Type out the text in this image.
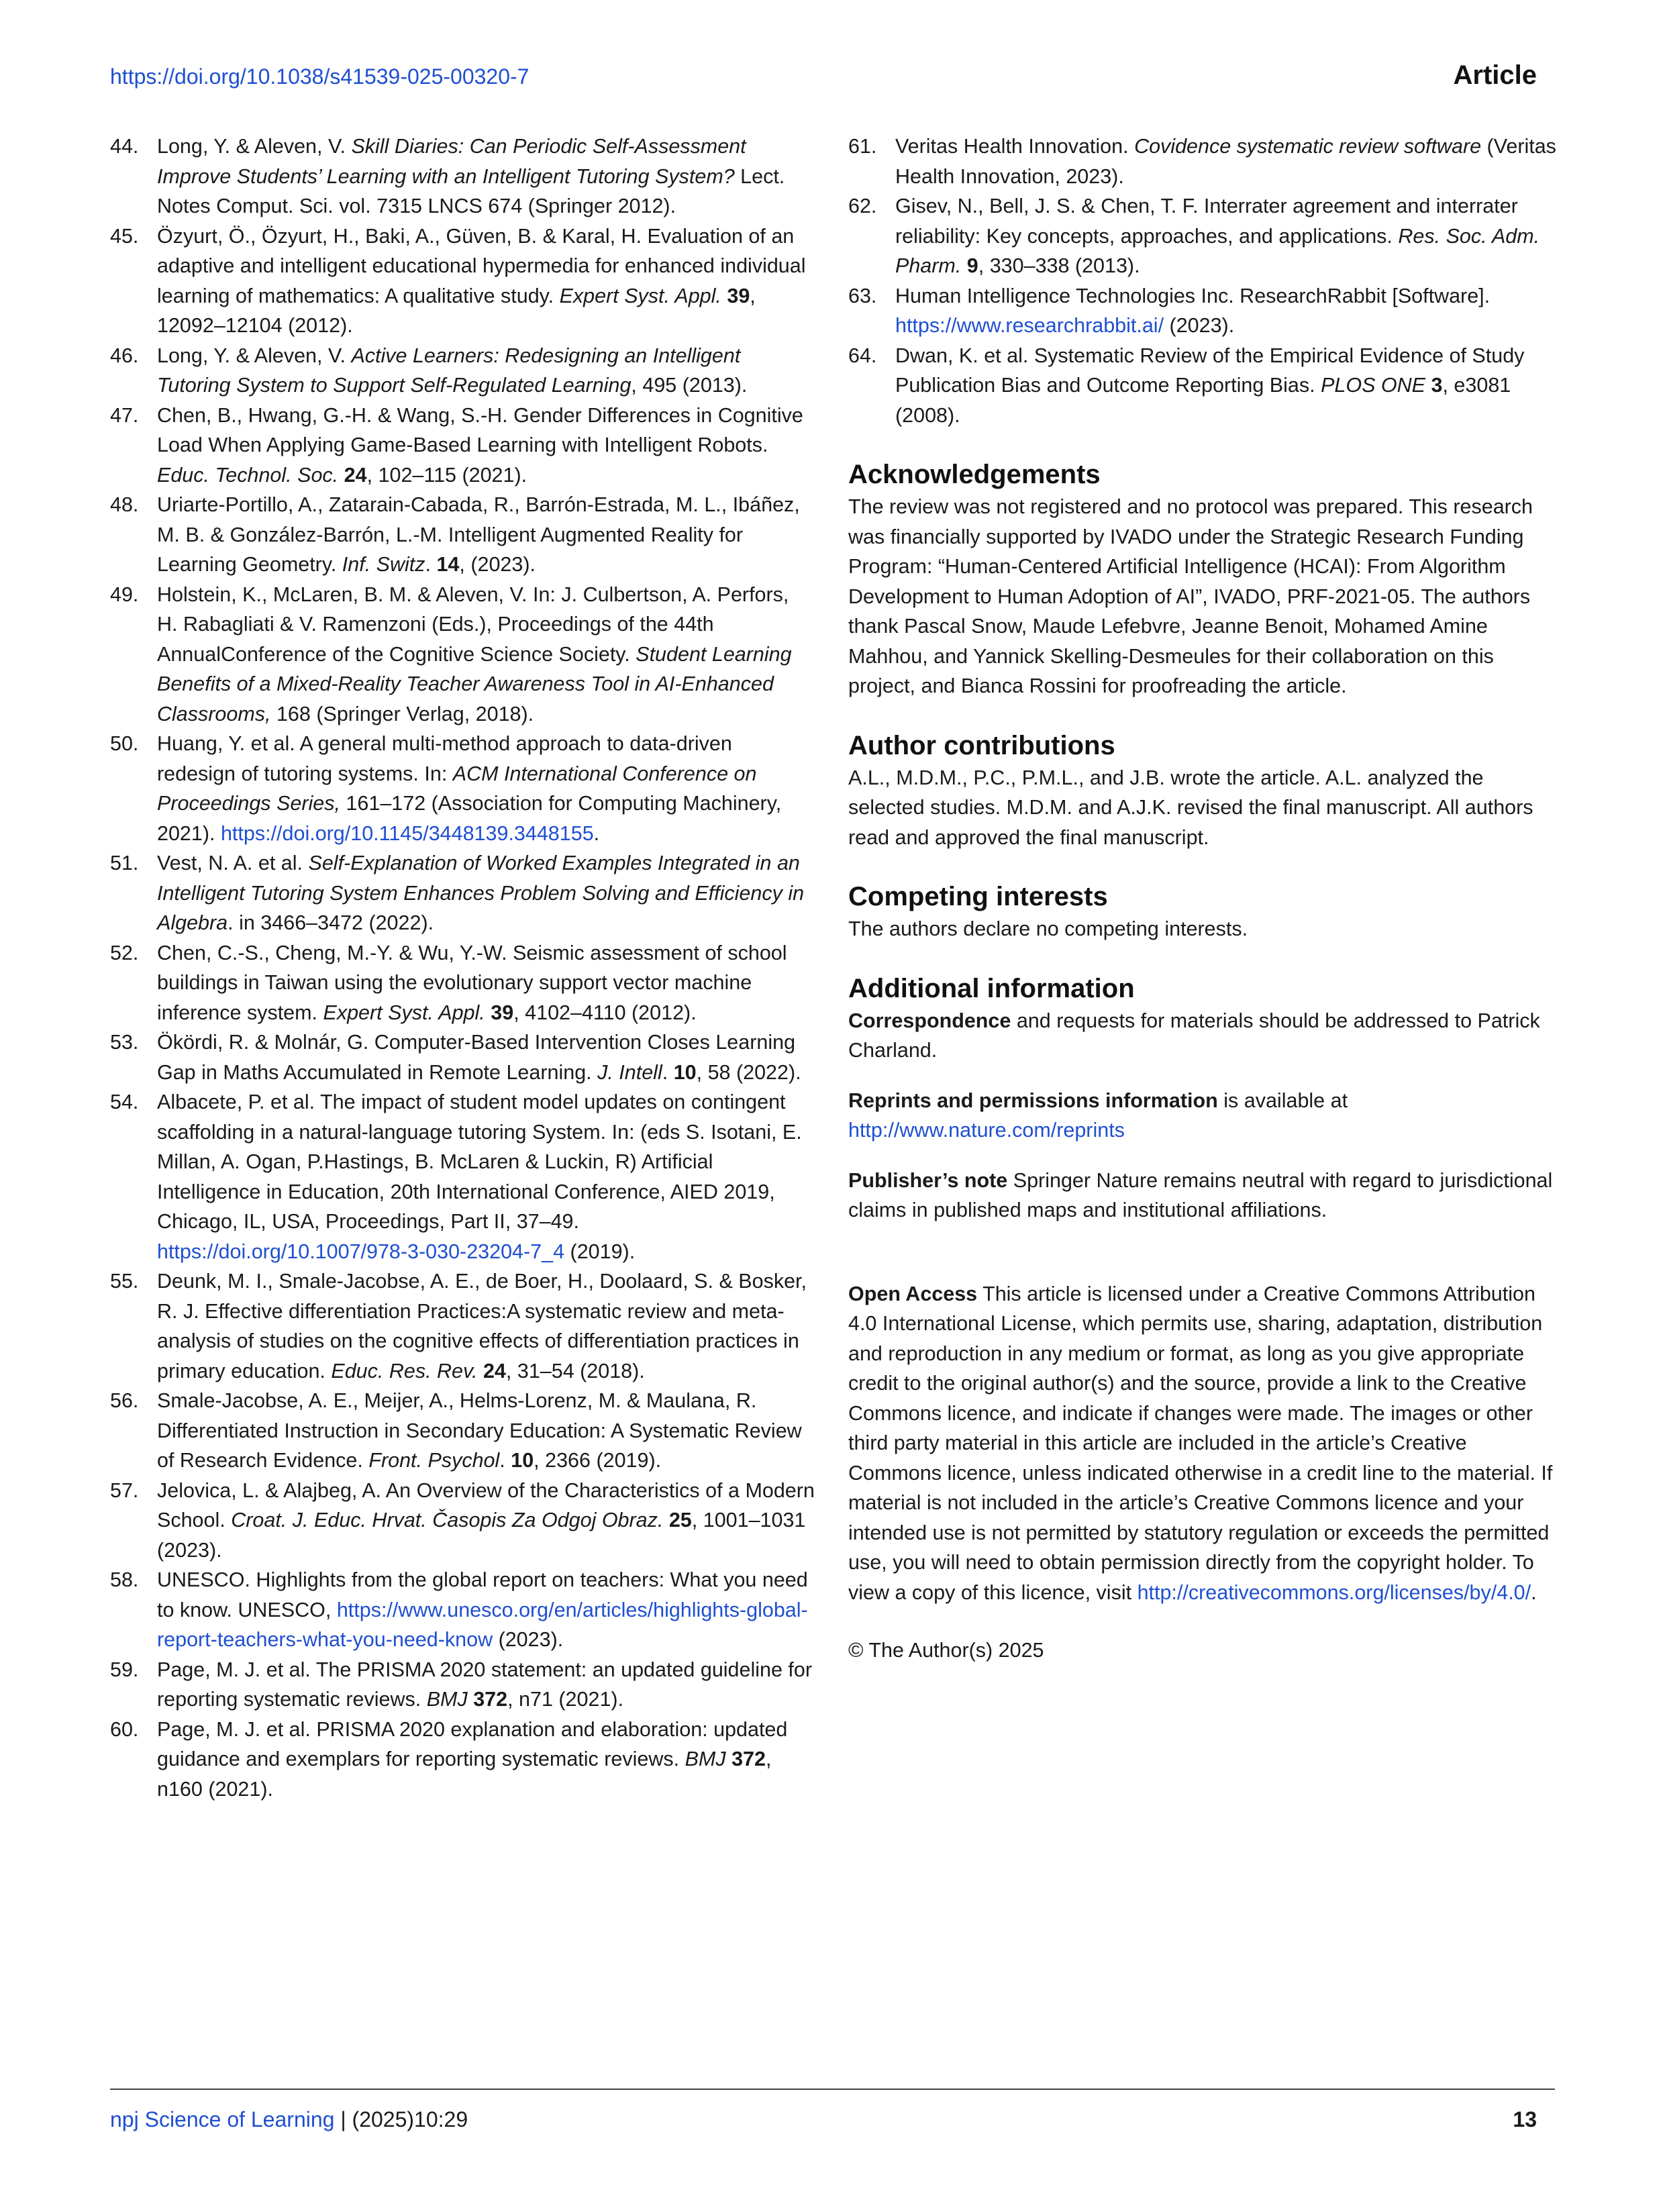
https://doi.org/10.1038/s41539-025-00320-7	Article
44. Long, Y. & Aleven, V. Skill Diaries: Can Periodic Self-Assessment Improve Students’ Learning with an Intelligent Tutoring System? Lect. Notes Comput. Sci. vol. 7315 LNCS 674 (Springer 2012).
45. Özyurt, Ö., Özyurt, H., Baki, A., Güven, B. & Karal, H. Evaluation of an adaptive and intelligent educational hypermedia for enhanced individual learning of mathematics: A qualitative study. Expert Syst. Appl. 39, 12092–12104 (2012).
46. Long, Y. & Aleven, V. Active Learners: Redesigning an Intelligent Tutoring System to Support Self-Regulated Learning, 495 (2013).
47. Chen, B., Hwang, G.-H. & Wang, S.-H. Gender Differences in Cognitive Load When Applying Game-Based Learning with Intelligent Robots. Educ. Technol. Soc. 24, 102–115 (2021).
48. Uriarte-Portillo, A., Zatarain-Cabada, R., Barrón-Estrada, M. L., Ibáñez, M. B. & González-Barrón, L.-M. Intelligent Augmented Reality for Learning Geometry. Inf. Switz. 14, (2023).
49. Holstein, K., McLaren, B. M. & Aleven, V. In: J. Culbertson, A. Perfors, H. Rabagliati & V. Ramenzoni (Eds.), Proceedings of the 44th AnnualConference of the Cognitive Science Society. Student Learning Benefits of a Mixed-Reality Teacher Awareness Tool in AI-Enhanced Classrooms, 168 (Springer Verlag, 2018).
50. Huang, Y. et al. A general multi-method approach to data-driven redesign of tutoring systems. In: ACM International Conference on Proceedings Series, 161–172 (Association for Computing Machinery, 2021). https://doi.org/10.1145/3448139.3448155.
51. Vest, N. A. et al. Self-Explanation of Worked Examples Integrated in an Intelligent Tutoring System Enhances Problem Solving and Efficiency in Algebra. in 3466–3472 (2022).
52. Chen, C.-S., Cheng, M.-Y. & Wu, Y.-W. Seismic assessment of school buildings in Taiwan using the evolutionary support vector machine inference system. Expert Syst. Appl. 39, 4102–4110 (2012).
53. Ökördi, R. & Molnár, G. Computer-Based Intervention Closes Learning Gap in Maths Accumulated in Remote Learning. J. Intell. 10, 58 (2022).
54. Albacete, P. et al. The impact of student model updates on contingent scaffolding in a natural-language tutoring System. In: (eds S. Isotani, E. Millan, A. Ogan, P.Hastings, B. McLaren & Luckin, R) Artificial Intelligence in Education, 20th International Conference, AIED 2019, Chicago, IL, USA, Proceedings, Part II, 37–49. https://doi.org/10.1007/978-3-030-23204-7_4 (2019).
55. Deunk, M. I., Smale-Jacobse, A. E., de Boer, H., Doolaard, S. & Bosker, R. J. Effective differentiation Practices:A systematic review and meta-analysis of studies on the cognitive effects of differentiation practices in primary education. Educ. Res. Rev. 24, 31–54 (2018).
56. Smale-Jacobse, A. E., Meijer, A., Helms-Lorenz, M. & Maulana, R. Differentiated Instruction in Secondary Education: A Systematic Review of Research Evidence. Front. Psychol. 10, 2366 (2019).
57. Jelovica, L. & Alajbeg, A. An Overview of the Characteristics of a Modern School. Croat. J. Educ. Hrvat. Časopis Za Odgoj Obraz. 25, 1001–1031 (2023).
58. UNESCO. Highlights from the global report on teachers: What you need to know. UNESCO, https://www.unesco.org/en/articles/highlights-global-report-teachers-what-you-need-know (2023).
59. Page, M. J. et al. The PRISMA 2020 statement: an updated guideline for reporting systematic reviews. BMJ 372, n71 (2021).
60. Page, M. J. et al. PRISMA 2020 explanation and elaboration: updated guidance and exemplars for reporting systematic reviews. BMJ 372, n160 (2021).
61. Veritas Health Innovation. Covidence systematic review software (Veritas Health Innovation, 2023).
62. Gisev, N., Bell, J. S. & Chen, T. F. Interrater agreement and interrater reliability: Key concepts, approaches, and applications. Res. Soc. Adm. Pharm. 9, 330–338 (2013).
63. Human Intelligence Technologies Inc. ResearchRabbit [Software]. https://www.researchrabbit.ai/ (2023).
64. Dwan, K. et al. Systematic Review of the Empirical Evidence of Study Publication Bias and Outcome Reporting Bias. PLOS ONE 3, e3081 (2008).
Acknowledgements

The review was not registered and no protocol was prepared. This research was financially supported by IVADO under the Strategic Research Funding Program: “Human-Centered Artificial Intelligence (HCAI): From Algorithm Development to Human Adoption of AI”, IVADO, PRF-2021-05. The authors thank Pascal Snow, Maude Lefebvre, Jeanne Benoit, Mohamed Amine Mahhou, and Yannick Skelling-Desmeules for their collaboration on this project, and Bianca Rossini for proofreading the article.

Author contributions

A.L., M.D.M., P.C., P.M.L., and J.B. wrote the article. A.L. analyzed the selected studies. M.D.M. and A.J.K. revised the final manuscript. All authors read and approved the final manuscript.

Competing interests

The authors declare no competing interests.

Additional information

Correspondence and requests for materials should be addressed to Patrick Charland.

Reprints and permissions information is available at
http://www.nature.com/reprints
Publisher’s note Springer Nature remains neutral with regard to jurisdictional claims in published maps and institutional affiliations.
Open Access This article is licensed under a Creative Commons Attribution 4.0 International License, which permits use, sharing, adaptation, distribution and reproduction in any medium or format, as long as you give appropriate credit to the original author(s) and the source, provide a link to the Creative Commons licence, and indicate if changes were made. The images or other third party material in this article are included in the article’s Creative Commons licence, unless indicated otherwise in a credit line to the material. If material is not included in the article’s Creative Commons licence and your intended use is not permitted by statutory regulation or exceeds the permitted use, you will need to obtain permission directly from the copyright holder. To view a copy of this licence, visit http://creativecommons.org/licenses/by/4.0/.
© The Author(s) 2025
npj Science of Learning | (2025)10:29	13
